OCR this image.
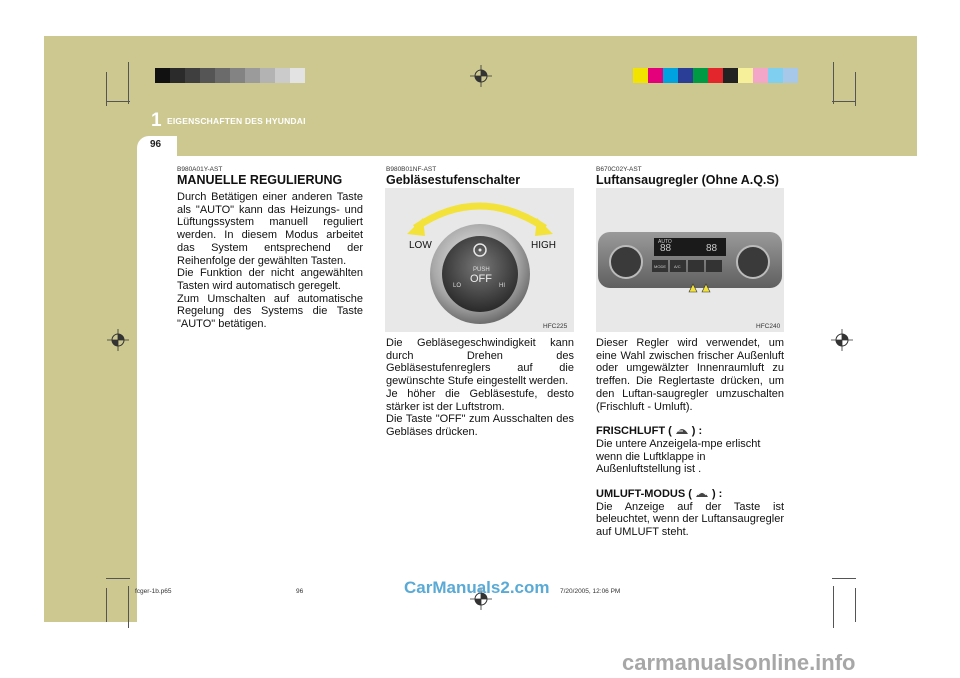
1 EIGENSCHAFTEN DES HYUNDAI
96
B980A01Y-AST
MANUELLE REGULIERUNG

Durch Betätigen einer anderen Taste als "AUTO" kann das Heizungs- und Lüftungssystem manuell reguliert werden. In diesem Modus arbeitet das System entsprechend der Reihenfolge der gewählten Tasten.

Die Funktion der nicht angewählten Tasten wird automatisch geregelt.

Zum Umschalten auf automatische Regelung des Systems die Taste "AUTO" betätigen.

B980B01NF-AST
Gebläsestufenschalter
LOW	HIGH
PUSH
OFF
LO	HI
HFC225

Die Gebläsegeschwindigkeit kann durch Drehen des Gebläsestufenreglers auf die gewünschte Stufe eingestellt werden.

Je höher die Gebläsestufe, desto stärker ist der Luftstrom.

Die Taste "OFF" zum Ausschalten des Gebläses drücken.

B670C02Y-AST
Luftansaugregler (Ohne A.Q.S)
AUTO
88	88
MODE A/C
HFC240

Dieser Regler wird verwendet, um eine Wahl zwischen frischer Außenluft oder umgewälzter Innenraumluft zu treffen. Die Reglertaste drücken, um den Luftan-saugregler umzuschalten (Frischluft - Umluft).

FRISCHLUFT ( ) :

Die untere Anzeigela-mpe erlischt wenn die Luftklappe in Außenluftstellung ist .

UMLUFT-MODUS ( ) :

Die Anzeige auf der Taste ist beleuchtet, wenn der Luftansaugregler auf UMLUFT steht.

fcger-1b.p65	96	7/20/2005, 12:06 PM
CarManuals2.com
carmanualsonline.info
